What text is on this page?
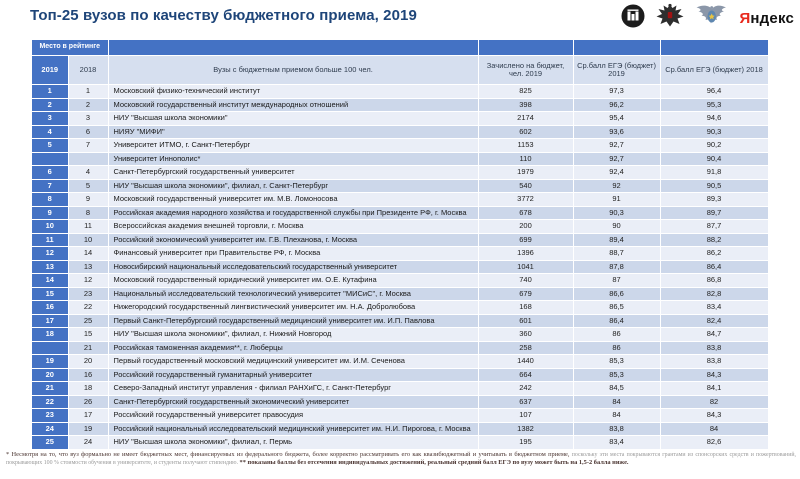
Топ-25 вузов по качеству бюджетного приема, 2019	Яндекс
Место в рейтинге					
2019	2018	Вузы с бюджетным приемом больше 100 чел.	Зачислено на бюджет, чел. 2019	Ср.балл ЕГЭ (бюджет) 2019	Ср.балл ЕГЭ (бюджет) 2018
1	1	Московский физико-технический институт	825	97,3	96,4
2	2	Московский государственный институт международных отношений	398	96,2	95,3
3	3	НИУ "Высшая школа экономики"	2174	95,4	94,6
4	6	НИЯУ "МИФИ"	602	93,6	90,3
5	7	Университет ИТМО, г. Санкт-Петербург	1153	92,7	90,2
		Университет Иннополис*	110	92,7	90,4
6	4	Санкт-Петербургский государственный университет	1979	92,4	91,8
7	5	НИУ "Высшая школа экономики", филиал, г. Санкт-Петербург	540	92	90,5
8	9	Московский государственный университет им. М.В. Ломоносова	3772	91	89,3
9	8	Российская академия народного хозяйства и государственной службы при Президенте РФ, г. Москва	678	90,3	89,7
10	11	Всероссийская академия внешней торговли, г. Москва	200	90	87,7
11	10	Российский экономический университет им. Г.В. Плеханова, г. Москва	699	89,4	88,2
12	14	Финансовый университет при Правительстве РФ, г. Москва	1396	88,7	86,2
13	13	Новосибирский национальный исследовательский государственный университет	1041	87,8	86,4
14	12	Московский государственный юридический университет им. О.Е. Кутафина	740	87	86,8
15	23	Национальный исследовательский технологический университет "МИСиС", г. Москва	679	86,6	82,8
16	22	Нижегородский государственный лингвистический университет им. Н.А. Добролюбова	168	86,5	83,4
17	25	Первый Санкт-Петербургский государственный медицинский университет им. И.П. Павлова	601	86,4	82,4
18	15	НИУ "Высшая школа экономики", филиал, г. Нижний Новгород	360	86	84,7
	21	Российская таможенная академия**, г. Люберцы	258	86	83,8
19	20	Первый государственный московский медицинский университет им. И.М. Сеченова	1440	85,3	83,8
20	16	Российский государственный гуманитарный университет	664	85,3	84,3
21	18	Северо-Западный институт управления - филиал РАНХиГС, г. Санкт-Петербург	242	84,5	84,1
22	26	Санкт-Петербургский государственный экономический университет	637	84	82
23	17	Российский государственный университет правосудия	107	84	84,3
24	19	Российский национальный исследовательский медицинский университет им. Н.И. Пирогова, г. Москва	1382	83,8	84
25	24	НИУ "Высшая школа экономики", филиал, г. Пермь	195	83,4	82,6
* Несмотря на то, что вуз формально не имеет бюджетных мест, финансируемых из федерального бюджета, более корректно рассматривать его как квазибюджетный и учитывать в бюджетном приеме, поскольку эти места покрываются грантами из спонсорских средств и пожертвований, покрывающих 100 % стоимости обучения в университете, и студенты получают стипендию. ** показаны баллы без отсечения индивидуальных достижений, реальный средний балл ЕГЭ по вузу может быть на 1,5-2 балла ниже.
